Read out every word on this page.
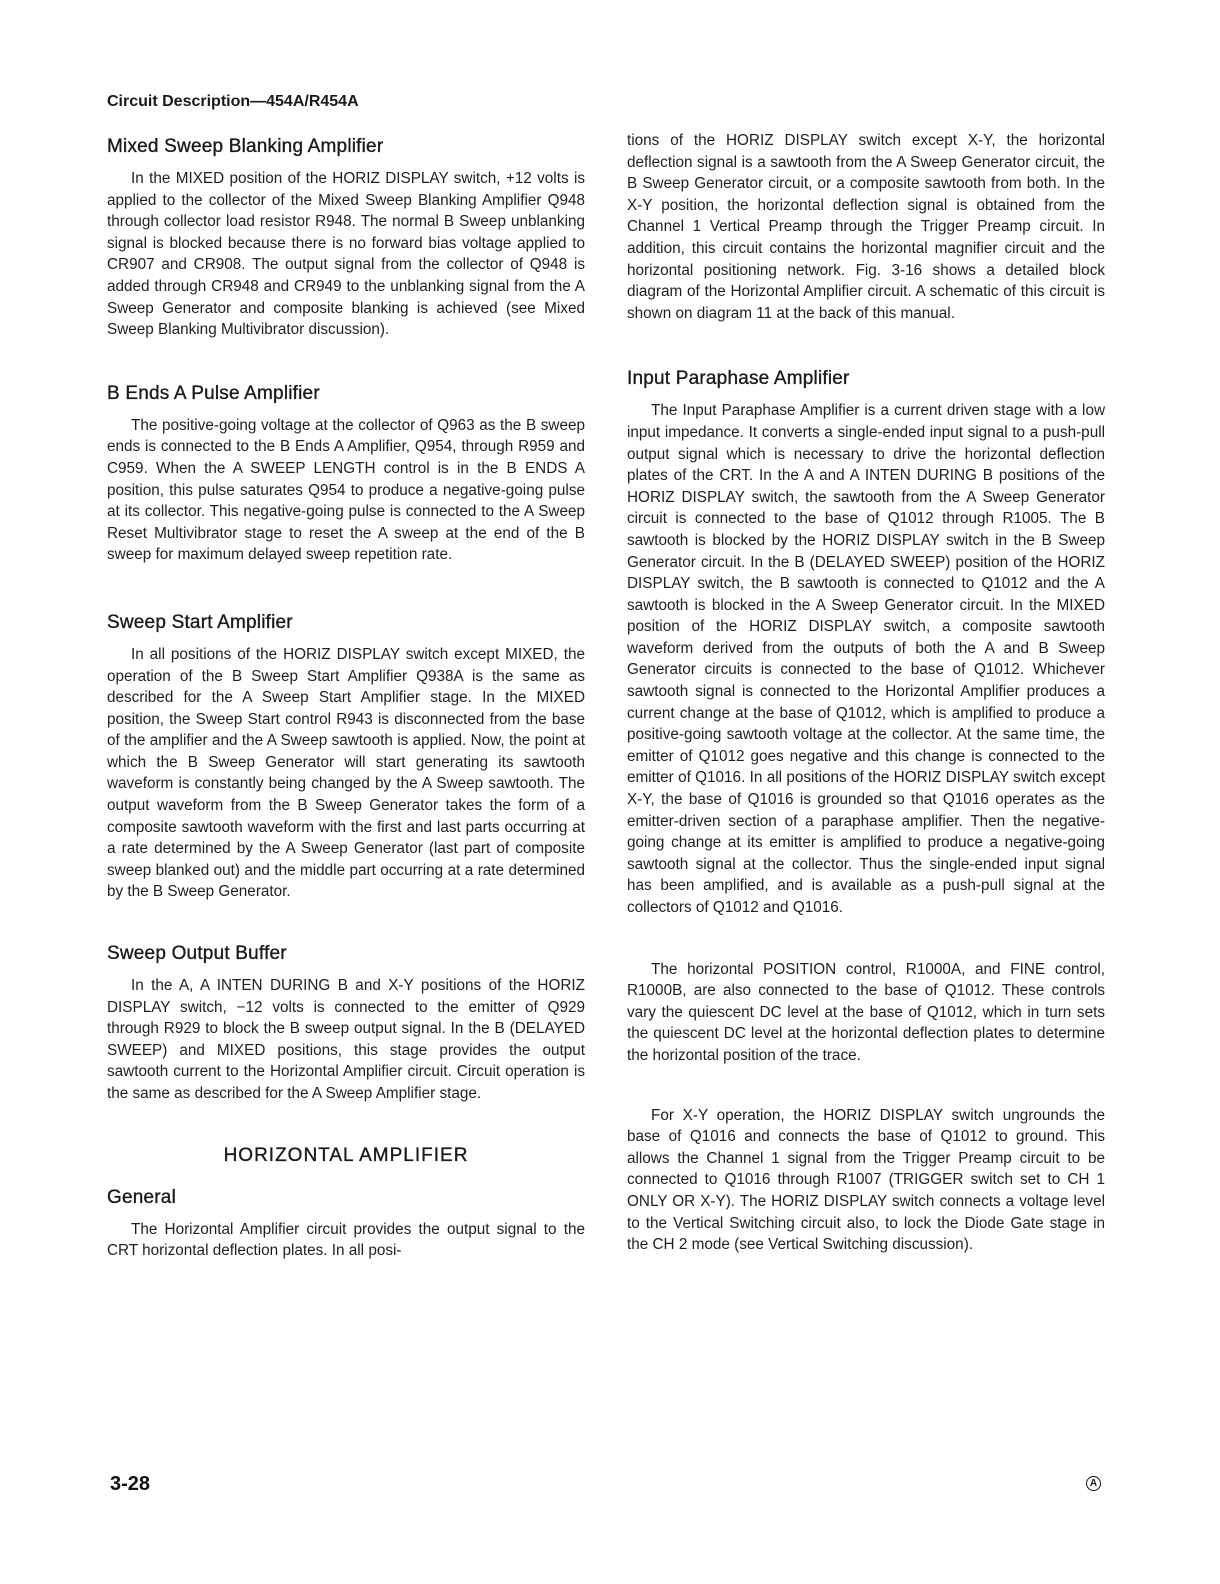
Circuit Description—454A/R454A
Mixed Sweep Blanking Amplifier

In the MIXED position of the HORIZ DISPLAY switch, +12 volts is applied to the collector of the Mixed Sweep Blanking Amplifier Q948 through collector load resistor R948. The normal B Sweep unblanking signal is blocked because there is no forward bias voltage applied to CR907 and CR908. The output signal from the collector of Q948 is added through CR948 and CR949 to the unblanking signal from the A Sweep Generator and composite blanking is achieved (see Mixed Sweep Blanking Multivibrator discussion).

B Ends A Pulse Amplifier

The positive-going voltage at the collector of Q963 as the B sweep ends is connected to the B Ends A Amplifier, Q954, through R959 and C959. When the A SWEEP LENGTH control is in the B ENDS A position, this pulse saturates Q954 to produce a negative-going pulse at its collector. This negative-going pulse is connected to the A Sweep Reset Multivibrator stage to reset the A sweep at the end of the B sweep for maximum delayed sweep repetition rate.

Sweep Start Amplifier

In all positions of the HORIZ DISPLAY switch except MIXED, the operation of the B Sweep Start Amplifier Q938A is the same as described for the A Sweep Start Amplifier stage. In the MIXED position, the Sweep Start control R943 is disconnected from the base of the amplifier and the A Sweep sawtooth is applied. Now, the point at which the B Sweep Generator will start generating its sawtooth waveform is constantly being changed by the A Sweep sawtooth. The output waveform from the B Sweep Generator takes the form of a composite sawtooth waveform with the first and last parts occurring at a rate determined by the A Sweep Generator (last part of composite sweep blanked out) and the middle part occurring at a rate determined by the B Sweep Generator.

Sweep Output Buffer

In the A, A INTEN DURING B and X-Y positions of the HORIZ DISPLAY switch, −12 volts is connected to the emitter of Q929 through R929 to block the B sweep output signal. In the B (DELAYED SWEEP) and MIXED positions, this stage provides the output sawtooth current to the Horizontal Amplifier circuit. Circuit operation is the same as described for the A Sweep Amplifier stage.

HORIZONTAL AMPLIFIER
General

The Horizontal Amplifier circuit provides the output signal to the CRT horizontal deflection plates. In all posi-

tions of the HORIZ DISPLAY switch except X-Y, the horizontal deflection signal is a sawtooth from the A Sweep Generator circuit, the B Sweep Generator circuit, or a composite sawtooth from both. In the X-Y position, the horizontal deflection signal is obtained from the Channel 1 Vertical Preamp through the Trigger Preamp circuit. In addition, this circuit contains the horizontal magnifier circuit and the horizontal positioning network. Fig. 3-16 shows a detailed block diagram of the Horizontal Amplifier circuit. A schematic of this circuit is shown on diagram 11 at the back of this manual.

Input Paraphase Amplifier

The Input Paraphase Amplifier is a current driven stage with a low input impedance. It converts a single-ended input signal to a push-pull output signal which is necessary to drive the horizontal deflection plates of the CRT. In the A and A INTEN DURING B positions of the HORIZ DISPLAY switch, the sawtooth from the A Sweep Generator circuit is connected to the base of Q1012 through R1005. The B sawtooth is blocked by the HORIZ DISPLAY switch in the B Sweep Generator circuit. In the B (DELAYED SWEEP) position of the HORIZ DISPLAY switch, the B sawtooth is connected to Q1012 and the A sawtooth is blocked in the A Sweep Generator circuit. In the MIXED position of the HORIZ DISPLAY switch, a composite sawtooth waveform derived from the outputs of both the A and B Sweep Generator circuits is connected to the base of Q1012. Whichever sawtooth signal is connected to the Horizontal Amplifier produces a current change at the base of Q1012, which is amplified to produce a positive-going sawtooth voltage at the collector. At the same time, the emitter of Q1012 goes negative and this change is connected to the emitter of Q1016. In all positions of the HORIZ DISPLAY switch except X-Y, the base of Q1016 is grounded so that Q1016 operates as the emitter-driven section of a paraphase amplifier. Then the negative-going change at its emitter is amplified to produce a negative-going sawtooth signal at the collector. Thus the single-ended input signal has been amplified, and is available as a push-pull signal at the collectors of Q1012 and Q1016.

The horizontal POSITION control, R1000A, and FINE control, R1000B, are also connected to the base of Q1012. These controls vary the quiescent DC level at the base of Q1012, which in turn sets the quiescent DC level at the horizontal deflection plates to determine the horizontal position of the trace.

For X-Y operation, the HORIZ DISPLAY switch ungrounds the base of Q1016 and connects the base of Q1012 to ground. This allows the Channel 1 signal from the Trigger Preamp circuit to be connected to Q1016 through R1007 (TRIGGER switch set to CH 1 ONLY OR X-Y). The HORIZ DISPLAY switch connects a voltage level to the Vertical Switching circuit also, to lock the Diode Gate stage in the CH 2 mode (see Vertical Switching discussion).

3-28	A
